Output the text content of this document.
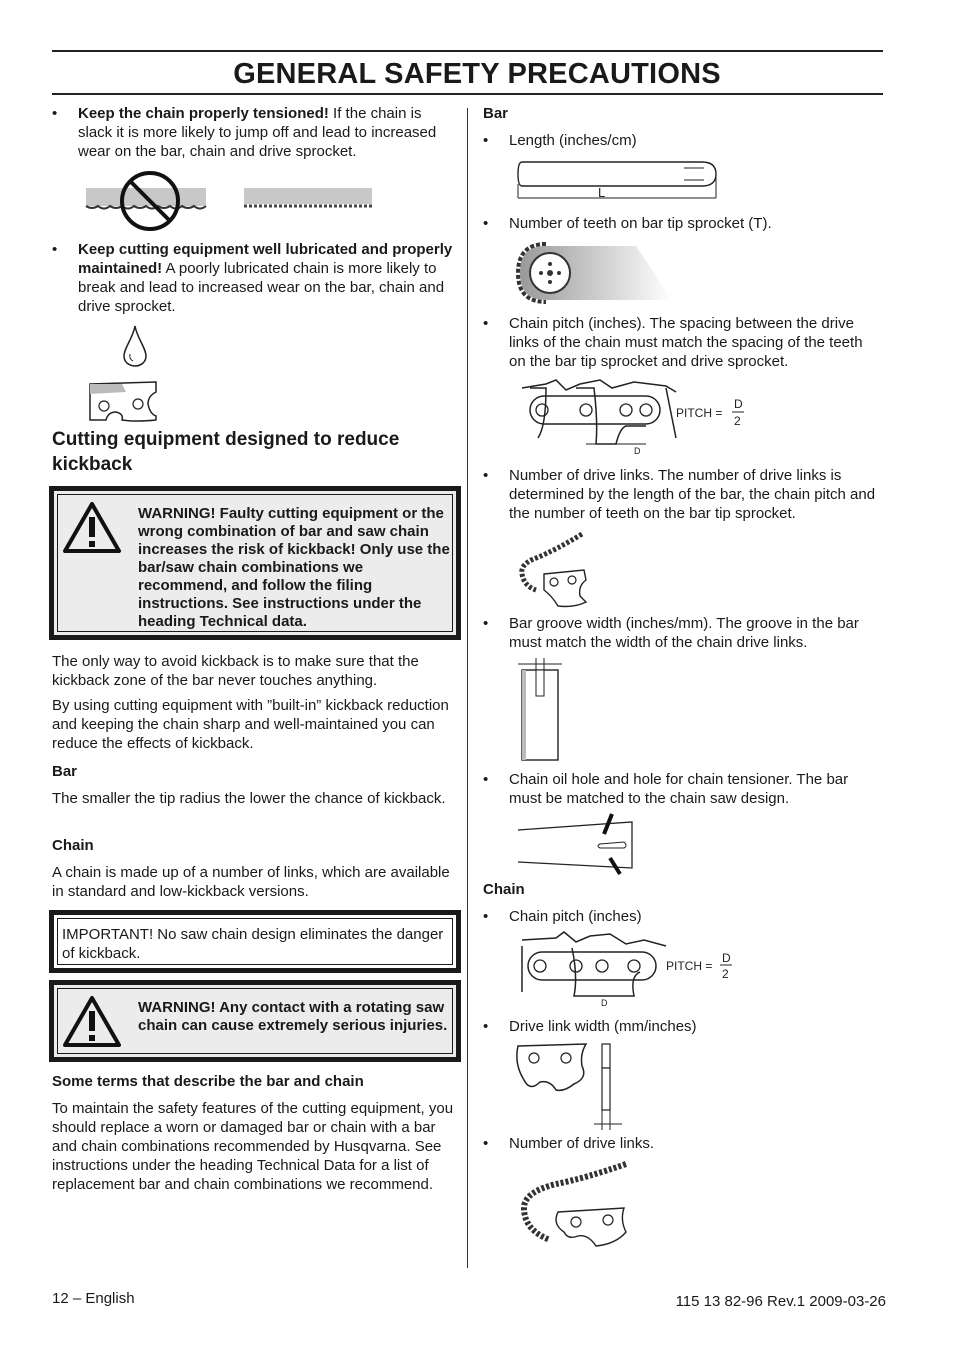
GENERAL SAFETY PRECAUTIONS
• Keep the chain properly tensioned! If the chain is slack it is more likely to jump off and lead to increased wear on the bar, chain and drive sprocket.
• Keep cutting equipment well lubricated and properly maintained! A poorly lubricated chain is more likely to break and lead to increased wear on the bar, chain and drive sprocket.
Cutting equipment designed to reduce kickback
WARNING! Faulty cutting equipment or the wrong combination of bar and saw chain increases the risk of kickback! Only use the bar/saw chain combinations we recommend, and follow the filing instructions. See instructions under the heading Technical data.
The only way to avoid kickback is to make sure that the kickback zone of the bar never touches anything.
By using cutting equipment with ”built-in” kickback reduction and keeping the chain sharp and well-maintained you can reduce the effects of kickback.
Bar
The smaller the tip radius the lower the chance of kickback.
Chain
A chain is made up of a number of links, which are available in standard and low-kickback versions.
IMPORTANT! No saw chain design eliminates the danger of kickback.
WARNING! Any contact with a rotating saw chain can cause extremely serious injuries.
Some terms that describe the bar and chain
To maintain the safety features of the cutting equipment, you should replace a worn or damaged bar or chain with a bar and chain combinations recommended by Husqvarna. See instructions under the heading Technical Data for a list of replacement bar and chain combinations we recommend.
Bar
• Length (inches/cm)
L
• Number of teeth on bar tip sprocket (T).
• Chain pitch (inches). The spacing between the drive links of the chain must match the spacing of the teeth on the bar tip sprocket and drive sprocket.
D
PITCH =
D
2
• Number of drive links. The number of drive links is determined by the length of the bar, the chain pitch and the number of teeth on the bar tip sprocket.
• Bar groove width (inches/mm). The groove in the bar must match the width of the chain drive links.
• Chain oil hole and hole for chain tensioner. The bar must be matched to the chain saw design.
Chain
• Chain pitch (inches)
D
PITCH =
D
2
• Drive link width (mm/inches)
• Number of drive links.
12 – English	115 13 82-96 Rev.1 2009-03-26
